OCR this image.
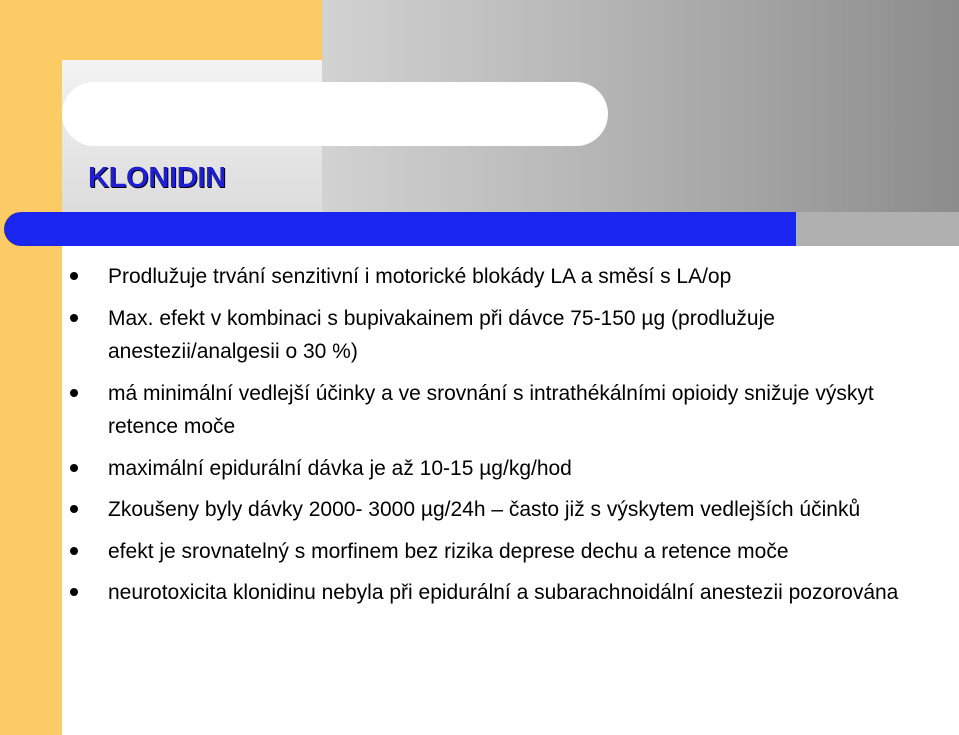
KLONIDIN
Prodlužuje trvání senzitivní i motorické blokády LA a směsí s LA/op
Max. efekt v kombinaci s bupivakainem při dávce 75-150 µg (prodlužuje anestezii/analgesii o 30 %)
má minimální vedlejší účinky a ve srovnání s intrathékálními opioidy snižuje výskyt retence moče
maximální epidurální dávka je až 10-15 µg/kg/hod
Zkoušeny byly dávky 2000- 3000 µg/24h – často již s výskytem vedlejších účinků
efekt je srovnatelný s morfinem bez rizika deprese dechu a retence moče
neurotoxicita klonidinu nebyla při epidurální a subarachnoidální anestezii pozorována
